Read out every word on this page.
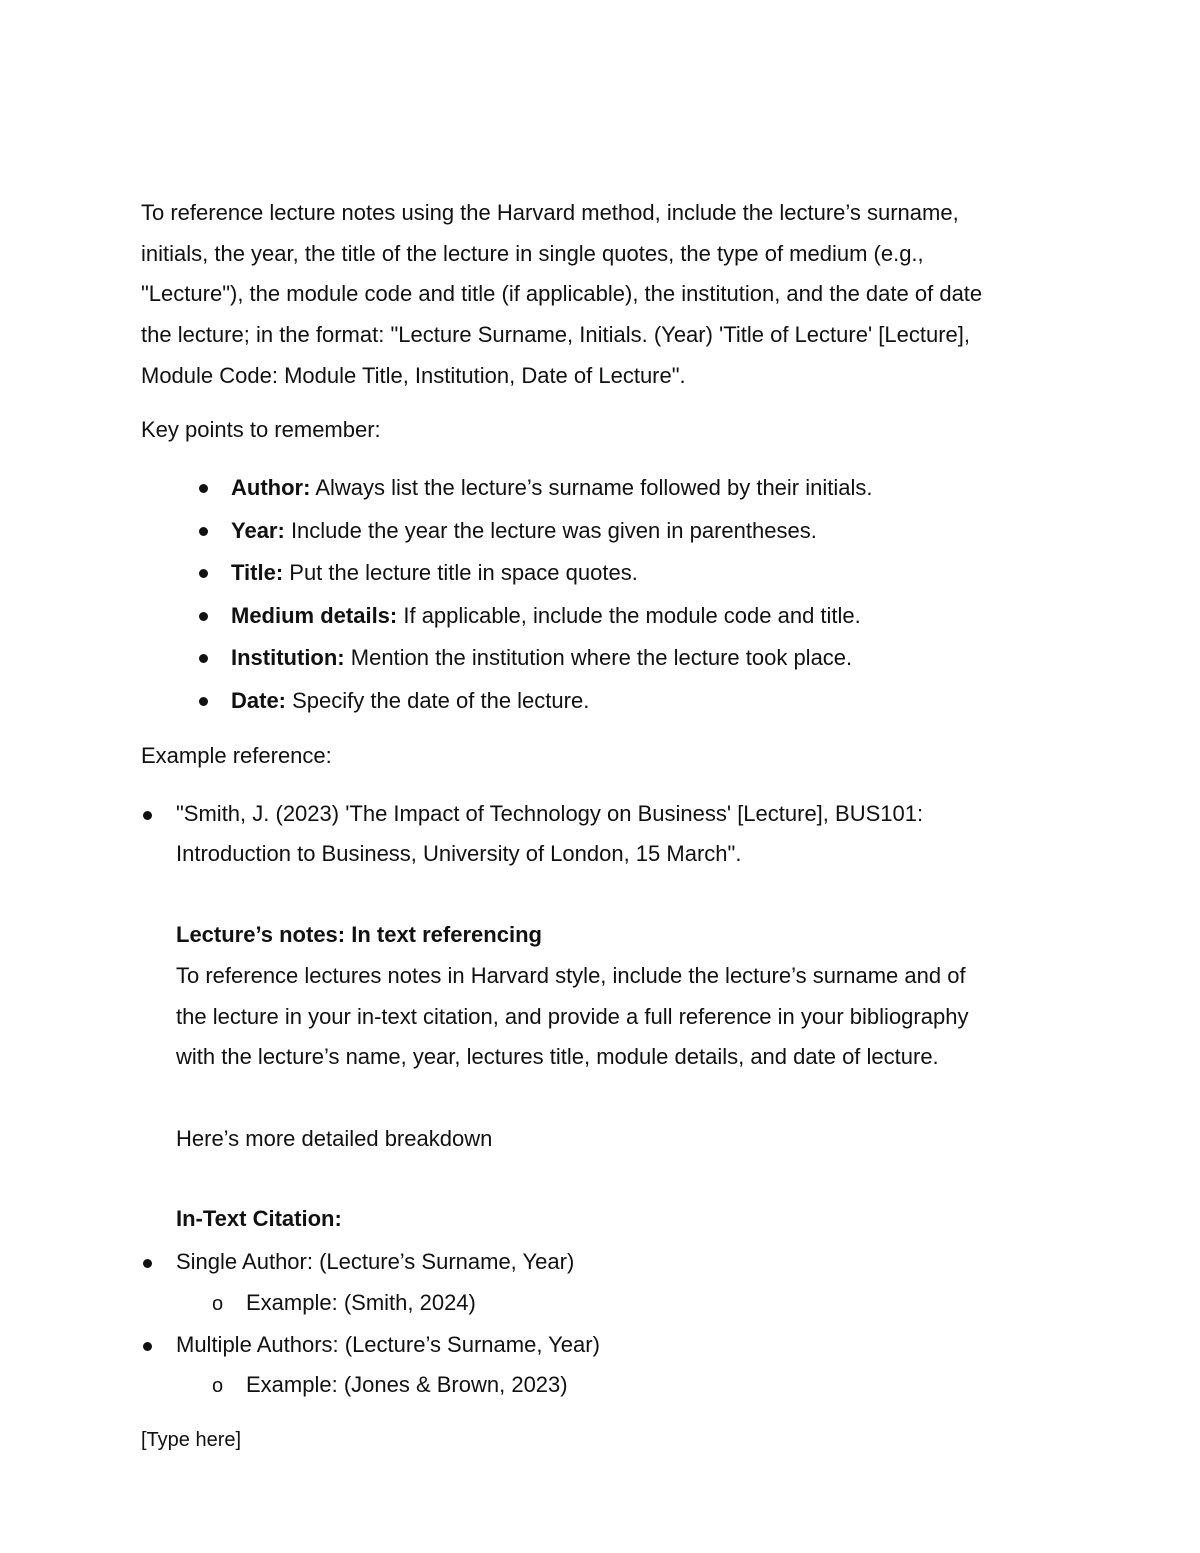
To reference lecture notes using the Harvard method, include the lecture’s surname,
initials, the year, the title of the lecture in single quotes, the type of medium (e.g.,
"Lecture"), the module code and title (if applicable), the institution, and the date of date
the lecture; in the format: "Lecture Surname, Initials. (Year) 'Title of Lecture' [Lecture],
Module Code: Module Title, Institution, Date of Lecture".

Key points to remember:

Author: Always list the lecture’s surname followed by their initials.
Year: Include the year the lecture was given in parentheses.
Title: Put the lecture title in space quotes.
Medium details: If applicable, include the module code and title.
Institution: Mention the institution where the lecture took place.
Date: Specify the date of the lecture.

Example reference:

"Smith, J. (2023) 'The Impact of Technology on Business' [Lecture], BUS101:
Introduction to Business, University of London, 15 March".
Lecture’s notes: In text referencing
To reference lectures notes in Harvard style, include the lecture’s surname and of
the lecture in your in-text citation, and provide a full reference in your bibliography
with the lecture’s name, year, lectures title, module details, and date of lecture.
Here’s more detailed breakdown
In-Text Citation:
Single Author: (Lecture’s Surname, Year)
o Example: (Smith, 2024)
Multiple Authors: (Lecture’s Surname, Year)
o Example: (Jones & Brown, 2023)
[Type here]
